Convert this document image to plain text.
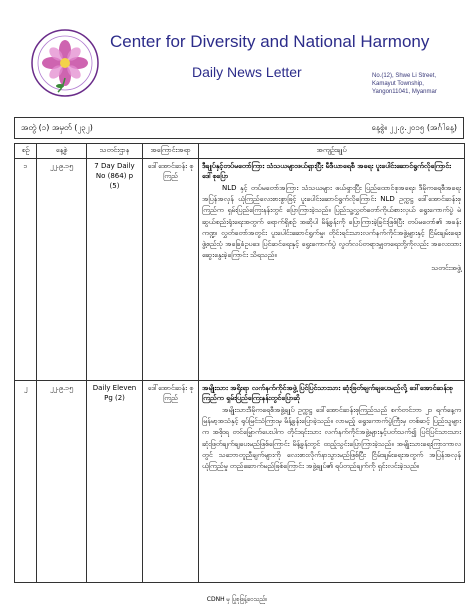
Center for Diversity and National Harmony
Daily News Letter	No.(12), Shwe Li Street,
Kamayut Township,
Yangon11041, Myanmar
အတွဲ (၁) အမှတ် (၂၃၂)	နေ့စွဲ။ ၂၂.၉.၂၀၁၅ (အင်္ဂါနေ့)
စဉ်	နေ့စွဲ	သတင်းဌာန	အကြောင်းအရာ	အကျဉ်းချုပ်
၁	၂၂.၉.၁၅	7 Day Daily No (864) p (5)	ဒေါ်အောင်ဆန်း စုကြည်	ဒီချုပ်နှင့်တပ်မတော်ကြား သံသယများဖယ်ရှားပြီး မီဒီယာရေစီ အရေး ပူးပေါင်းဆောင်ရွက်လိုကြောင်း ဒေါ်စုပြော
NLD နှင့် တပ်မတော်အကြား သံသယများ ဖယ်ရှားပြီး ပြည်ထောင်စုအရေး၊ ဒီမိုကရေစီအရေး အပြန်အလှန် ယုံကြည်လေးစားစွာဖြင့် ပူးပေါင်းဆောင်ရွက်လိုကြောင်း NLD ဥက္ကဋ္ဌ ဒေါ်အောင်ဆန်းစုကြည်က ရှမ်းပြည်ကြေးနန်းတွင် ပြောကြားခဲ့သည်။ ပြည်သူ့လွှတ်တော်ကိုယ်စားလှယ် ရွေးကောက်ပွဲ မဲဆွယ်စည်းရုံးရေးအတွက် ရောက်ရှိစဉ် အဆိုပါ မိန့်ခွန်းကို ပြောကြားခဲ့ခြင်းဖြစ်ပြီး တပ်မတော်၏ အခန်းကဏ္ဍ၊ လွှတ်တော်အတွင်း ပူးပေါင်းဆောင်ရွက်မှု၊ တိုင်းရင်းသားလက်နက်ကိုင်အဖွဲ့များနှင့် ငြိမ်းချမ်းရေး၊ ဖွဲ့စည်းပုံ အခြေခံဥပဒေ ပြင်ဆင်ရေးနှင့် ရွေးကောက်ပွဲ လွတ်လပ်တရားမျှတရေးတို့ကိုလည်း အလေးထား ဆွေးနွေးခဲ့ကြောင်း သိရသည်။
သတင်းအဖွဲ့

၂	၂၂.၉.၁၅	Daily Eleven Pg (2)	ဒေါ်အောင်ဆန်း စုကြည်	အမျိုးသား အရိုးရာ လက်နက်ကိုင်အဖွဲ့ ပြင်ပြင်သားသား ဆုံးဖြတ်ချက်ချပေးမည်လို့ ဒေါ်အောင်ဆန်းစုကြည်က ရှမ်းပြည်ကြေးနန်းတွင်ပြောဆို
အမျိုးသားဒီမိုကရေစီအဖွဲ့ချုပ် ဥက္ကဋ္ဌ ဒေါ်အောင်ဆန်းစုကြည်သည် စက်တင်ဘာ ၂၁ ရက်နေ့က မြန်မာ့အသံနှင့် ရုပ်မြင်သံကြားမှ မိန့်ခွန်းပြောခဲ့သည်။ လာမည့် ရွေးကောက်ပွဲကြီးမှ တစ်ဆင့် ပြည်သူများက အစိုးရ တင်မြှောက်ပေးပါက တိုင်းရင်းသား လက်နက်ကိုင်အဖွဲ့များနှင့်ပတ်သက်၍ ပြင်ပြင်သားသား ဆုံးဖြတ်ချက်ချပေးမည်ဖြစ်ကြောင်း မိန့်ခွန်းတွင် ထည့်သွင်းပြောကြားခဲ့သည်။ အမျိုးသားရေးကြားကာလတွင် သဘောတူညီချက်များကို လေးစားလိုက်နာသွားမည်ဖြစ်ပြီး ငြိမ်းချမ်းရေးအတွက် အပြန်အလှန် ယုံကြည်မှု တည်ဆောက်မည်ဖြစ်ကြောင်း အဖွဲ့ချုပ်၏ ရပ်တည်ချက်ကို ရှင်းလင်းခဲ့သည်။
CDNH မှ ပြုစုဖြန့်ဝေသည်။
